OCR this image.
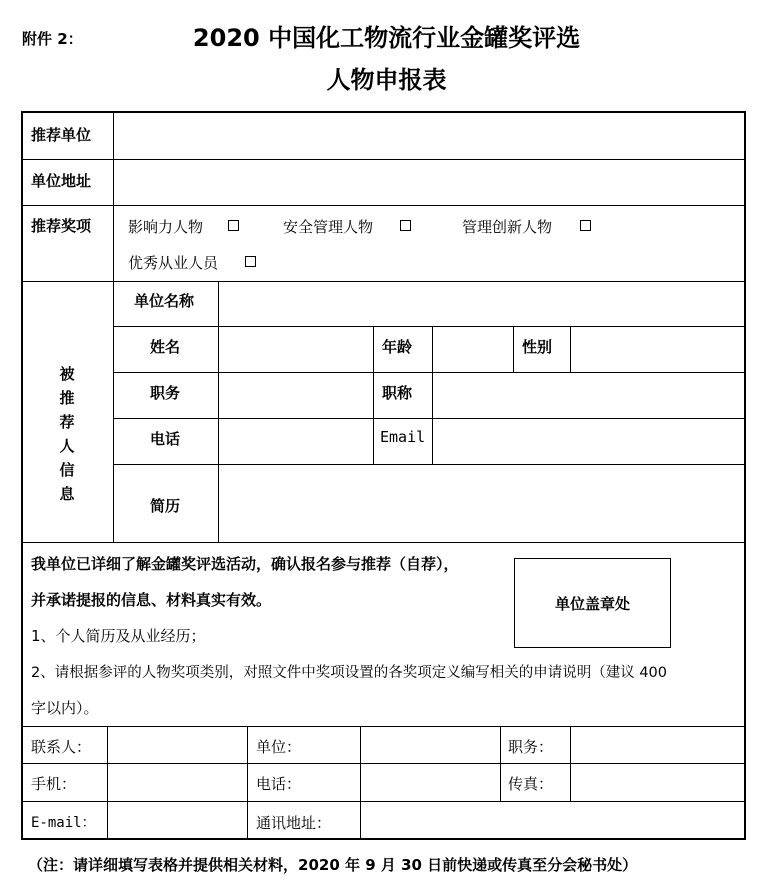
附件 2：	2020 中国化工物流行业金罐奖评选
人物申报表
推荐单位
单位地址
推荐奖项 影响力人物	安全管理人物	管理创新人物
优秀从业人员
被
推
荐
人
信
息
单位名称
姓名	年龄	性别
职务	职称
电话	Email
简历
我单位已详细了解金罐奖评选活动，确认报名参与推荐（自荐），
并承诺提报的信息、材料真实有效。
1、个人简历及从业经历；
2、请根据参评的人物奖项类别，对照文件中奖项设置的各奖项定义编写相关的申请说明（建议 400
字以内）。
单位盖章处
联系人：	单位：	职务：
手机：	电话：	传真：
E-mail：	通讯地址：
（注：请详细填写表格并提供相关材料，2020 年 9 月 30 日前快递或传真至分会秘书处）
